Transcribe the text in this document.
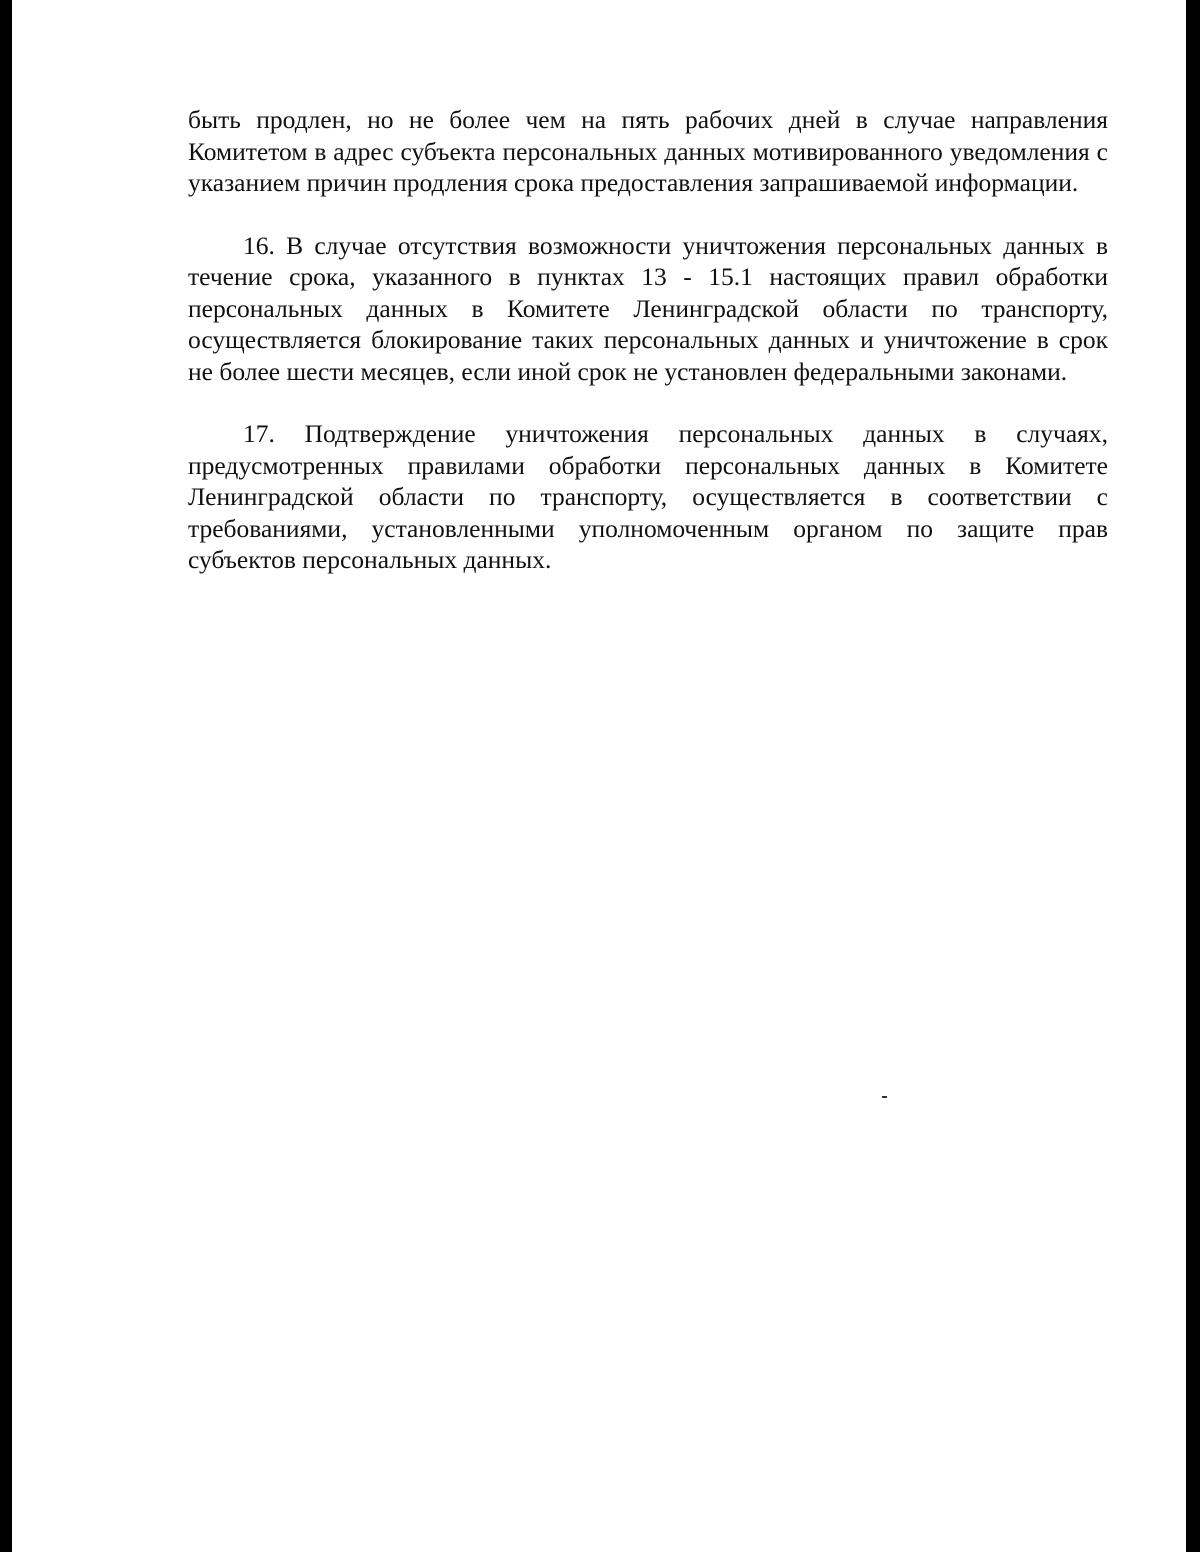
быть продлен, но не более чем на пять рабочих дней в случае направления Комитетом в адрес субъекта персональных данных мотивированного уведомления с указанием причин продления срока предоставления запрашиваемой информации.

16. В случае отсутствия возможности уничтожения персональных данных в течение срока, указанного в пунктах 13 - 15.1 настоящих правил обработки персональных данных в Комитете Ленинградской области по транспорту, осуществляется блокирование таких персональных данных и уничтожение в срок не более шести месяцев, если иной срок не установлен федеральными законами.

17. Подтверждение уничтожения персональных данных в случаях, предусмотренных правилами обработки персональных данных в Комитете Ленинградской области по транспорту, осуществляется в соответствии с требованиями, установленными уполномоченным органом по защите прав субъектов персональных данных.
